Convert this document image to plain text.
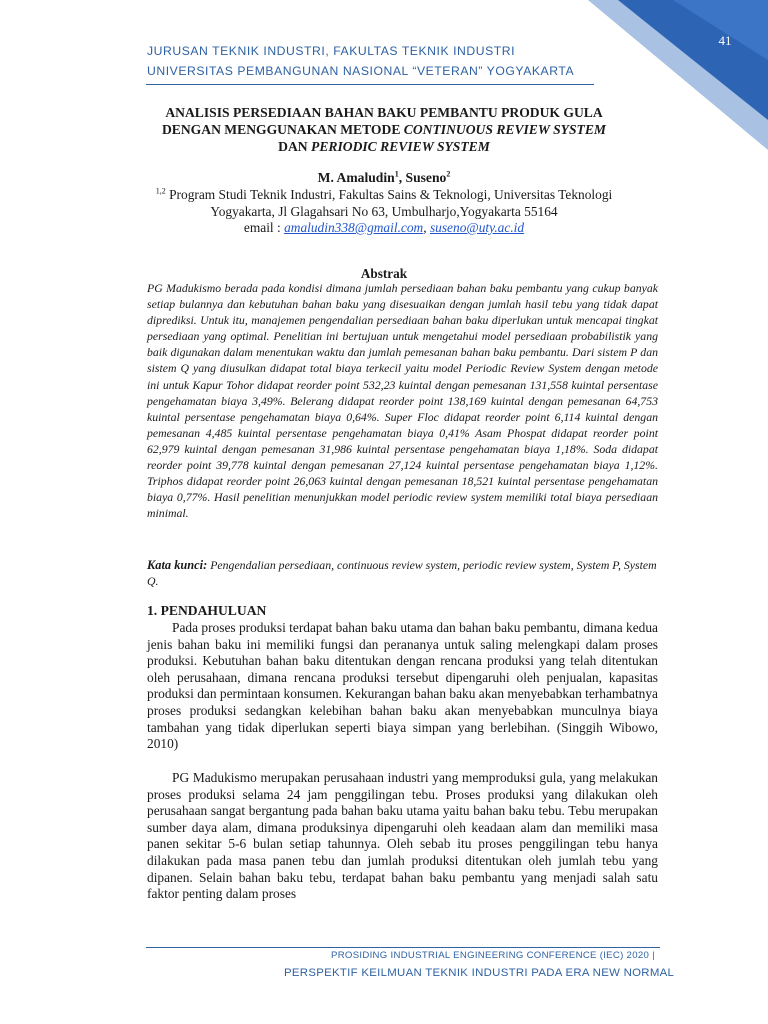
41
JURUSAN TEKNIK INDUSTRI, FAKULTAS TEKNIK INDUSTRI
UNIVERSITAS PEMBANGUNAN NASIONAL “VETERAN” YOGYAKARTA
ANALISIS PERSEDIAAN BAHAN BAKU PEMBANTU PRODUK GULA
DENGAN MENGGUNAKAN METODE CONTINUOUS REVIEW SYSTEM
DAN PERIODIC REVIEW SYSTEM
M. Amaludin$^1$, Suseno$^2$
$^{1,2}$ Program Studi Teknik Industri, Fakultas Sains & Teknologi, Universitas Teknologi
Yogyakarta, Jl Glagahsari No 63, Umbulharjo,Yogyakarta 55164
email : amaludin338@gmail.com, suseno@uty.ac.id
Abstrak

PG Madukismo berada pada kondisi dimana jumlah persediaan bahan baku pembantu yang cukup banyak setiap bulannya dan kebutuhan bahan baku yang disesuaikan dengan jumlah hasil tebu yang tidak dapat diprediksi. Untuk itu, manajemen pengendalian persediaan bahan baku diperlukan untuk mencapai tingkat persediaan yang optimal. Penelitian ini bertujuan untuk mengetahui model persediaan probabilistik yang baik digunakan dalam menentukan waktu dan jumlah pemesanan bahan baku pembantu. Dari sistem P dan sistem Q yang diusulkan didapat total biaya terkecil yaitu model Periodic Review System dengan metode ini untuk Kapur Tohor didapat reorder point 532,23 kuintal dengan pemesanan 131,558 kuintal persentase pengehamatan biaya 3,49%. Belerang didapat reorder point 138,169 kuintal dengan pemesanan 64,753 kuintal persentase pengehamatan biaya 0,64%. Super Floc didapat reorder point 6,114 kuintal dengan pemesanan 4,485 kuintal persentase pengehamatan biaya 0,41% Asam Phospat didapat reorder point 62,979 kuintal dengan pemesanan 31,986 kuintal persentase pengehamatan biaya 1,18%. Soda didapat reorder point 39,778 kuintal dengan pemesanan 27,124 kuintal persentase pengehamatan biaya 1,12%. Triphos didapat reorder point 26,063 kuintal dengan pemesanan 18,521 kuintal persentase pengehamatan biaya 0,77%. Hasil penelitian menunjukkan model periodic review system memiliki total biaya persediaan minimal.

Kata kunci: Pengendalian persediaan, continuous review system, periodic review system, System P, System Q.

1. PENDAHULUAN

Pada proses produksi terdapat bahan baku utama dan bahan baku pembantu, dimana kedua jenis bahan baku ini memiliki fungsi dan perananya untuk saling melengkapi dalam proses produksi. Kebutuhan bahan baku ditentukan dengan rencana produksi yang telah ditentukan oleh perusahaan, dimana rencana produksi tersebut dipengaruhi oleh penjualan, kapasitas produksi dan permintaan konsumen. Kekurangan bahan baku akan menyebabkan terhambatnya proses produksi sedangkan kelebihan bahan baku akan menyebabkan munculnya biaya tambahan yang tidak diperlukan seperti biaya simpan yang berlebihan. (Singgih Wibowo, 2010)

PG Madukismo merupakan perusahaan industri yang memproduksi gula, yang melakukan proses produksi selama 24 jam penggilingan tebu. Proses produksi yang dilakukan oleh perusahaan sangat bergantung pada bahan baku utama yaitu bahan baku tebu. Tebu merupakan sumber daya alam, dimana produksinya dipengaruhi oleh keadaan alam dan memiliki masa panen sekitar 5-6 bulan setiap tahunnya. Oleh sebab itu proses penggilingan tebu hanya dilakukan pada masa panen tebu dan jumlah produksi ditentukan oleh jumlah tebu yang dipanen. Selain bahan baku tebu, terdapat bahan baku pembantu yang menjadi salah satu faktor penting dalam proses

PROSIDING INDUSTRIAL ENGINEERING CONFERENCE (IEC) 2020 |
PERSPEKTIF KEILMUAN TEKNIK INDUSTRI PADA ERA NEW NORMAL
